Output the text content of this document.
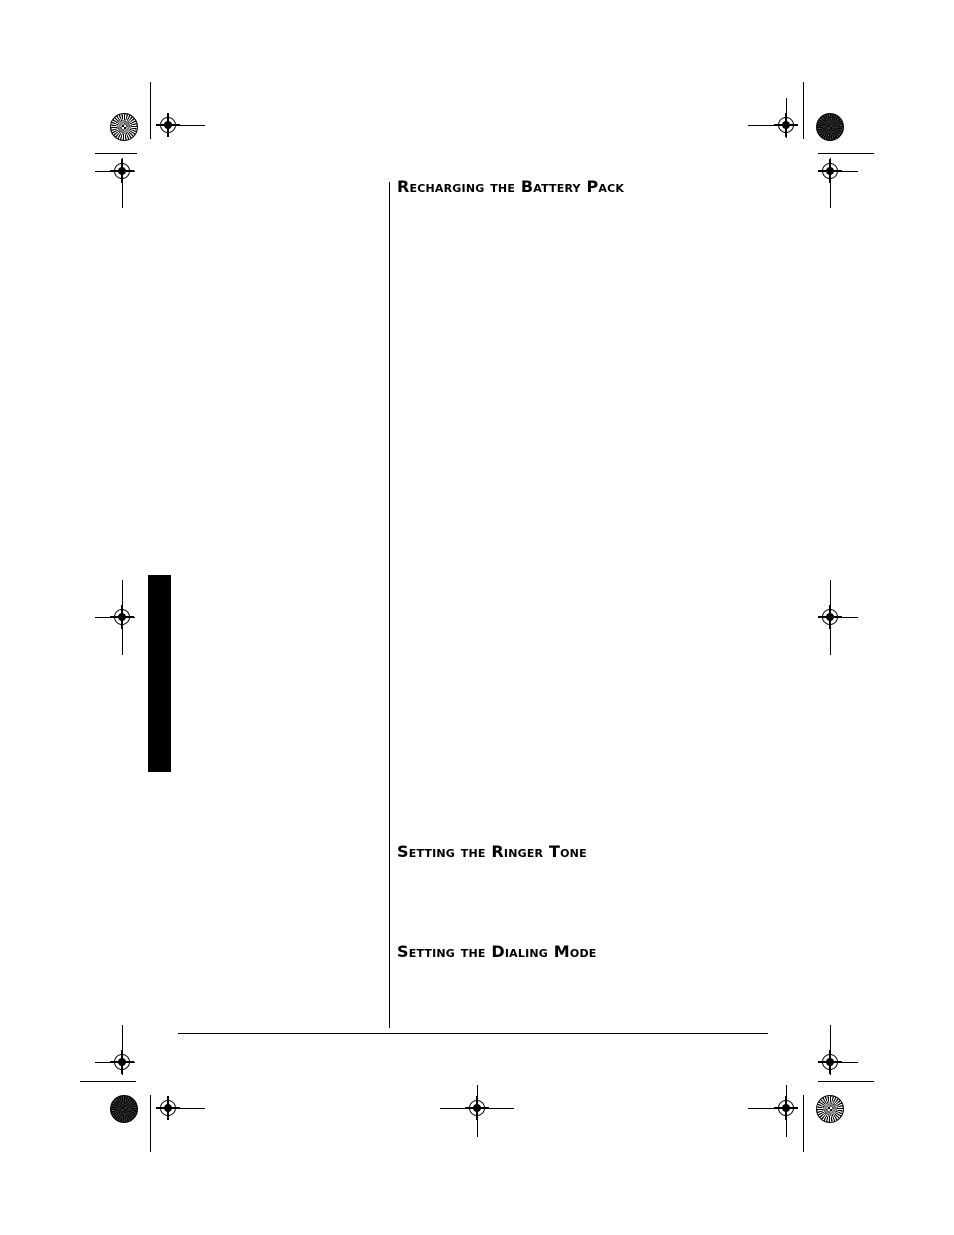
Recharging the Battery Pack
Setting the Ringer Tone
Setting the Dialing Mode
